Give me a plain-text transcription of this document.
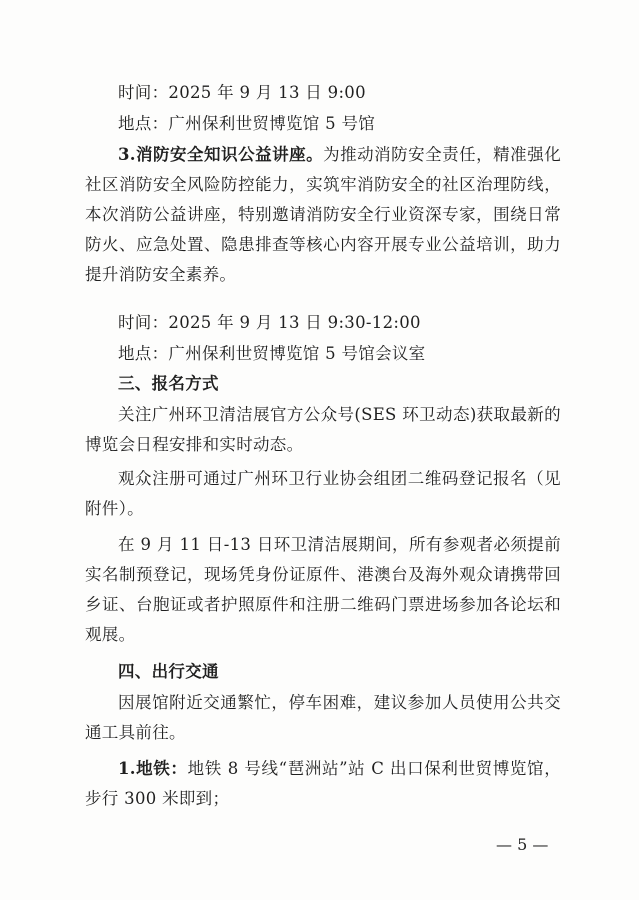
时间：2025 年 9 月 13 日 9:00
地点：广州保利世贸博览馆 5 号馆
3.消防安全知识公益讲座。为推动消防安全责任，精准强化社区消防安全风险防控能力，实筑牢消防安全的社区治理防线，本次消防公益讲座，特别邀请消防安全行业资深专家，围绕日常防火、应急处置、隐患排查等核心内容开展专业公益培训，助力提升消防安全素养。
时间：2025 年 9 月 13 日 9:30-12:00
地点：广州保利世贸博览馆 5 号馆会议室
三、报名方式
关注广州环卫清洁展官方公众号(SES 环卫动态)获取最新的博览会日程安排和实时动态。
观众注册可通过广州环卫行业协会组团二维码登记报名（见附件）。
在 9 月 11 日-13 日环卫清洁展期间，所有参观者必须提前实名制预登记，现场凭身份证原件、港澳台及海外观众请携带回乡证、台胞证或者护照原件和注册二维码门票进场参加各论坛和观展。
四、出行交通
因展馆附近交通繁忙，停车困难，建议参加人员使用公共交通工具前往。
1.地铁：地铁 8 号线“琶洲站”站 C 出口保利世贸博览馆，步行 300 米即到；
— 5 —
